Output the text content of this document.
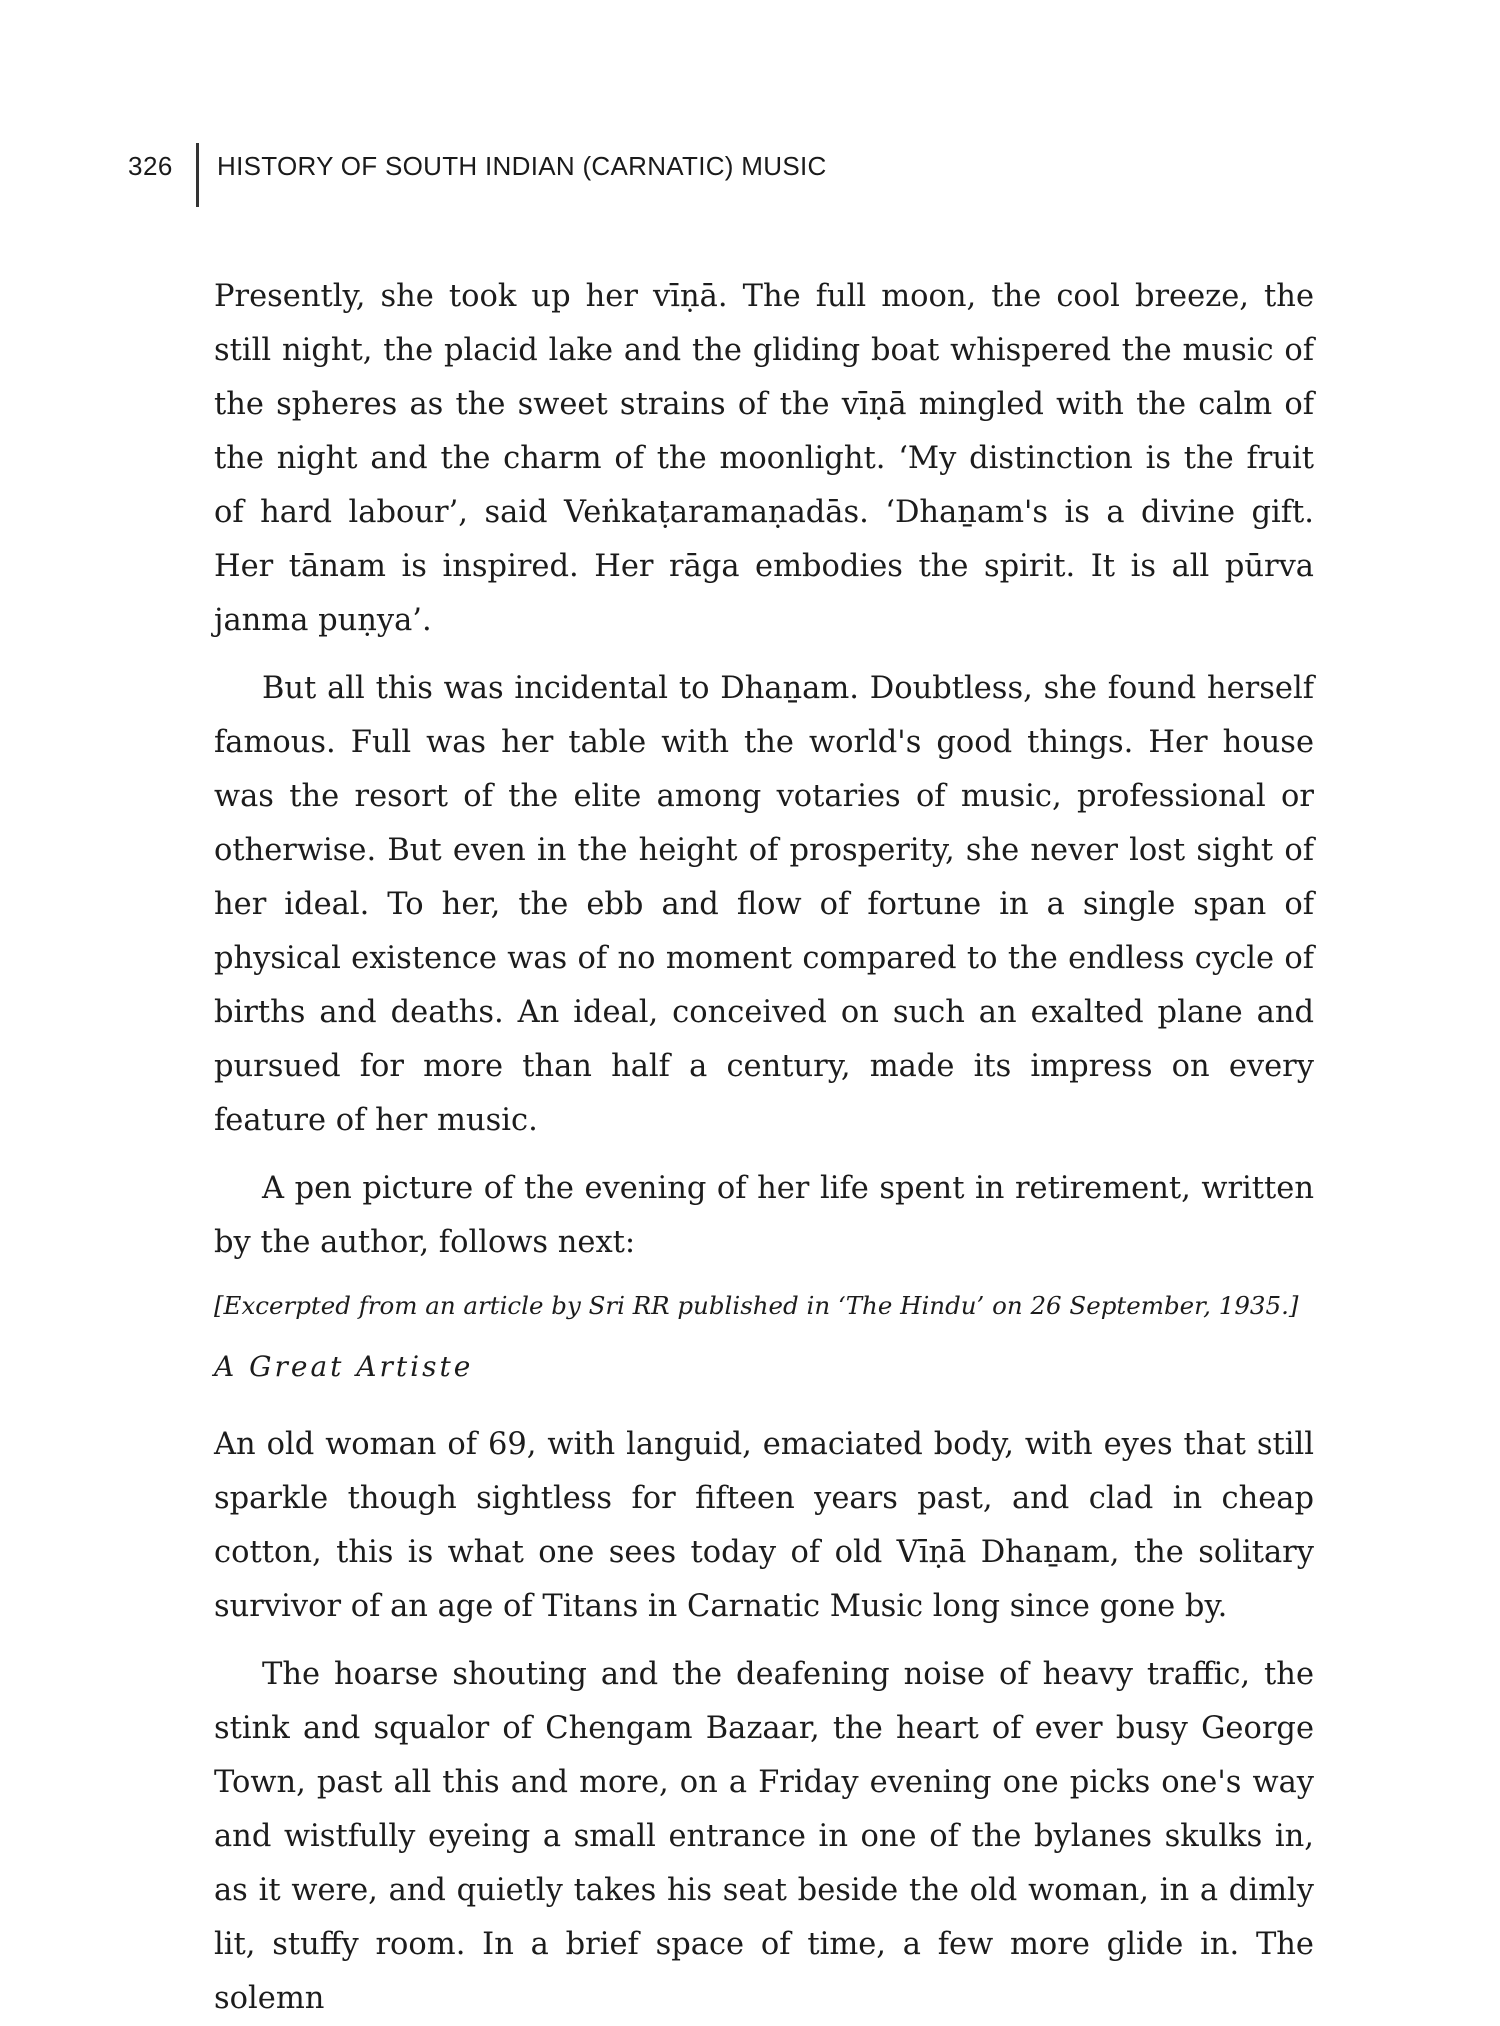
326 HISTORY OF SOUTH INDIAN (CARNATIC) MUSIC

Presently, she took up her vīṇā. The full moon, the cool breeze, the still night, the placid lake and the gliding boat whispered the music of the spheres as the sweet strains of the vīṇā mingled with the calm of the night and the charm of the moonlight. ‘My distinction is the fruit of hard labour’, said Veṅkaṭaramaṇadās. ‘Dhaṉam's is a divine gift. Her tānam is inspired. Her rāga embodies the spirit. It is all pūrva janma puṇya’.

But all this was incidental to Dhaṉam. Doubtless, she found herself famous. Full was her table with the world's good things. Her house was the resort of the elite among votaries of music, professional or otherwise. But even in the height of prosperity, she never lost sight of her ideal. To her, the ebb and flow of fortune in a single span of physical existence was of no moment compared to the endless cycle of births and deaths. An ideal, conceived on such an exalted plane and pursued for more than half a century, made its impress on every feature of her music.

A pen picture of the evening of her life spent in retirement, written by the author, follows next:

[Excerpted from an article by Sri RR published in ‘The Hindu’ on 26 September, 1935.]

A Great Artiste

An old woman of 69, with languid, emaciated body, with eyes that still sparkle though sightless for fifteen years past, and clad in cheap cotton, this is what one sees today of old Vīṇā Dhaṉam, the solitary survivor of an age of Titans in Carnatic Music long since gone by.

The hoarse shouting and the deafening noise of heavy traffic, the stink and squalor of Chengam Bazaar, the heart of ever busy George Town, past all this and more, on a Friday evening one picks one's way and wistfully eyeing a small entrance in one of the bylanes skulks in, as it were, and quietly takes his seat beside the old woman, in a dimly lit, stuffy room. In a brief space of time, a few more glide in. The solemn
